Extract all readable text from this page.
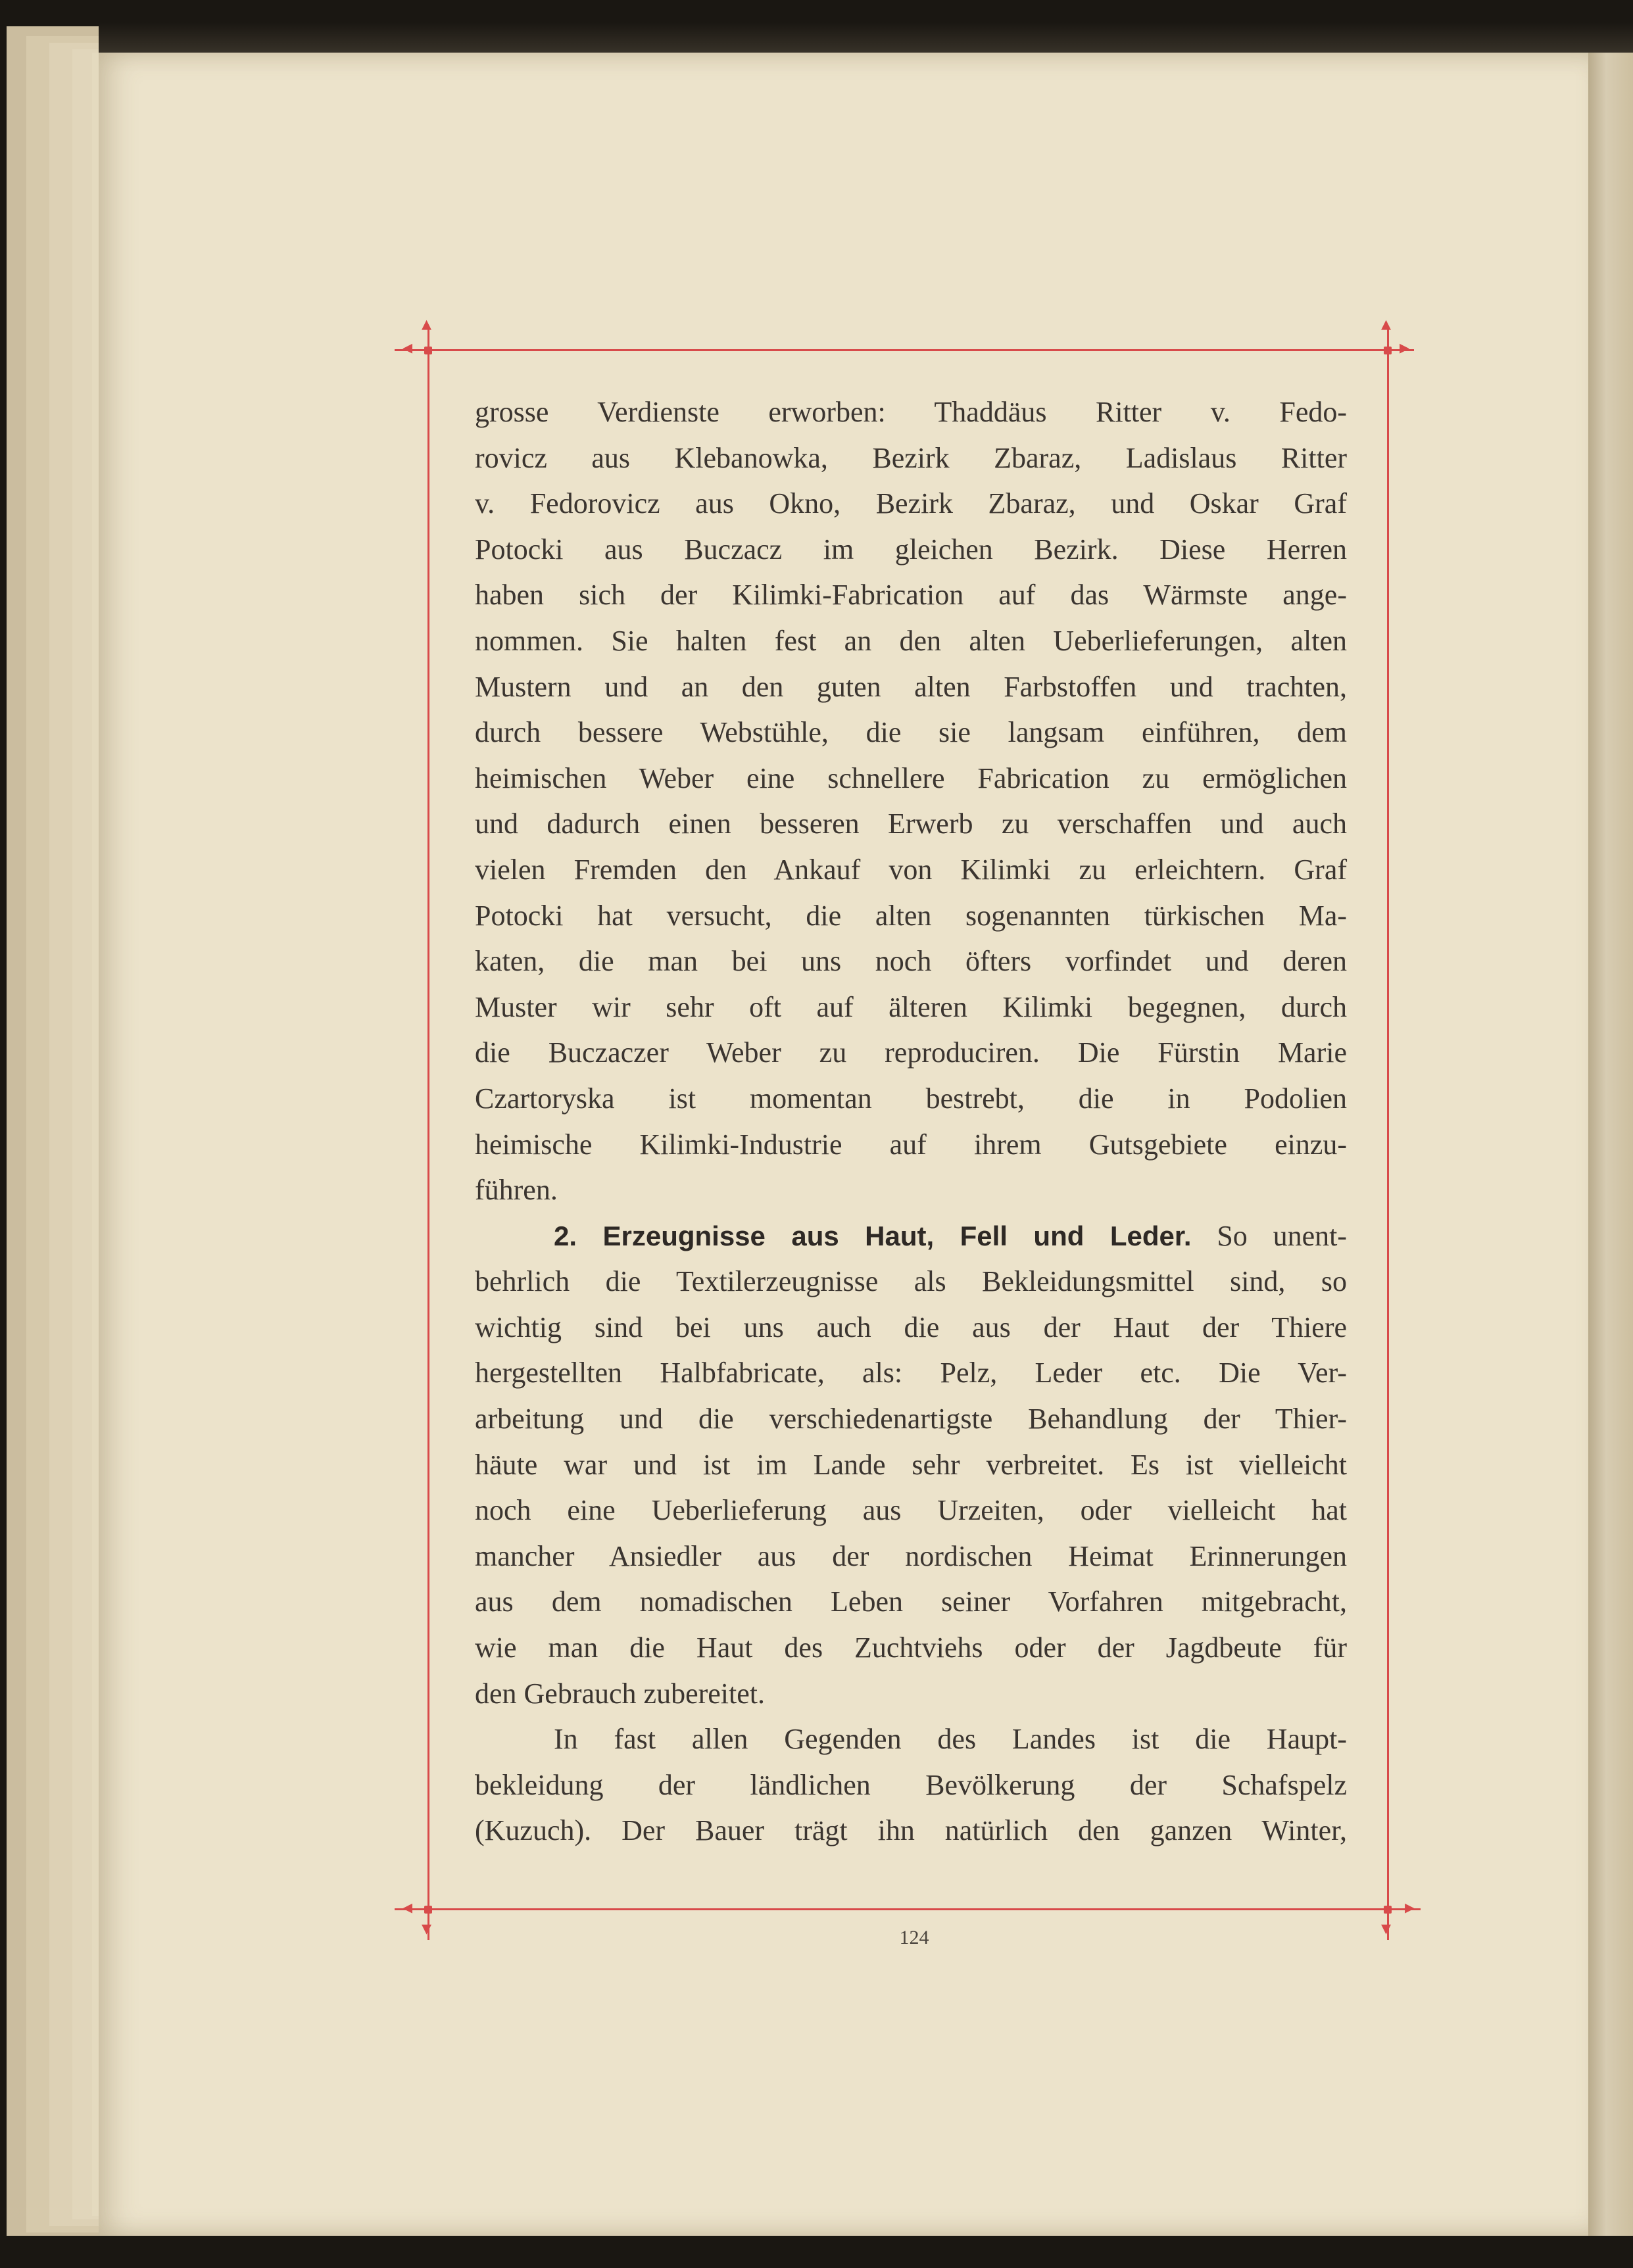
◂	▸
◂	▸
▴	▴
▾	▾
grosse Verdienste erworben: Thaddäus Ritter v. Fedo-
rovicz aus Klebanowka, Bezirk Zbaraz, Ladislaus Ritter
v. Fedorovicz aus Okno, Bezirk Zbaraz, und Oskar Graf
Potocki aus Buczacz im gleichen Bezirk. Diese Herren
haben sich der Kilimki-Fabrication auf das Wärmste ange-
nommen. Sie halten fest an den alten Ueberlieferungen, alten
Mustern und an den guten alten Farbstoffen und trachten,
durch bessere Webstühle, die sie langsam einführen, dem
heimischen Weber eine schnellere Fabrication zu ermöglichen
und dadurch einen besseren Erwerb zu verschaffen und auch
vielen Fremden den Ankauf von Kilimki zu erleichtern. Graf
Potocki hat versucht, die alten sogenannten türkischen Ma-
katen, die man bei uns noch öfters vorfindet und deren
Muster wir sehr oft auf älteren Kilimki begegnen, durch
die Buczaczer Weber zu reproduciren. Die Fürstin Marie
Czartoryska ist momentan bestrebt, die in Podolien
heimische Kilimki-Industrie auf ihrem Gutsgebiete einzu-
führen.
2. Erzeugnisse aus Haut, Fell und Leder. So unent-
behrlich die Textilerzeugnisse als Bekleidungsmittel sind, so
wichtig sind bei uns auch die aus der Haut der Thiere
hergestellten Halbfabricate, als: Pelz, Leder etc. Die Ver-
arbeitung und die verschiedenartigste Behandlung der Thier-
häute war und ist im Lande sehr verbreitet. Es ist vielleicht
noch eine Ueberlieferung aus Urzeiten, oder vielleicht hat
mancher Ansiedler aus der nordischen Heimat Erinnerungen
aus dem nomadischen Leben seiner Vorfahren mitgebracht,
wie man die Haut des Zuchtviehs oder der Jagdbeute für
den Gebrauch zubereitet.
In fast allen Gegenden des Landes ist die Haupt-
bekleidung der ländlichen Bevölkerung der Schafspelz
(Kuzuch). Der Bauer trägt ihn natürlich den ganzen Winter,
124
